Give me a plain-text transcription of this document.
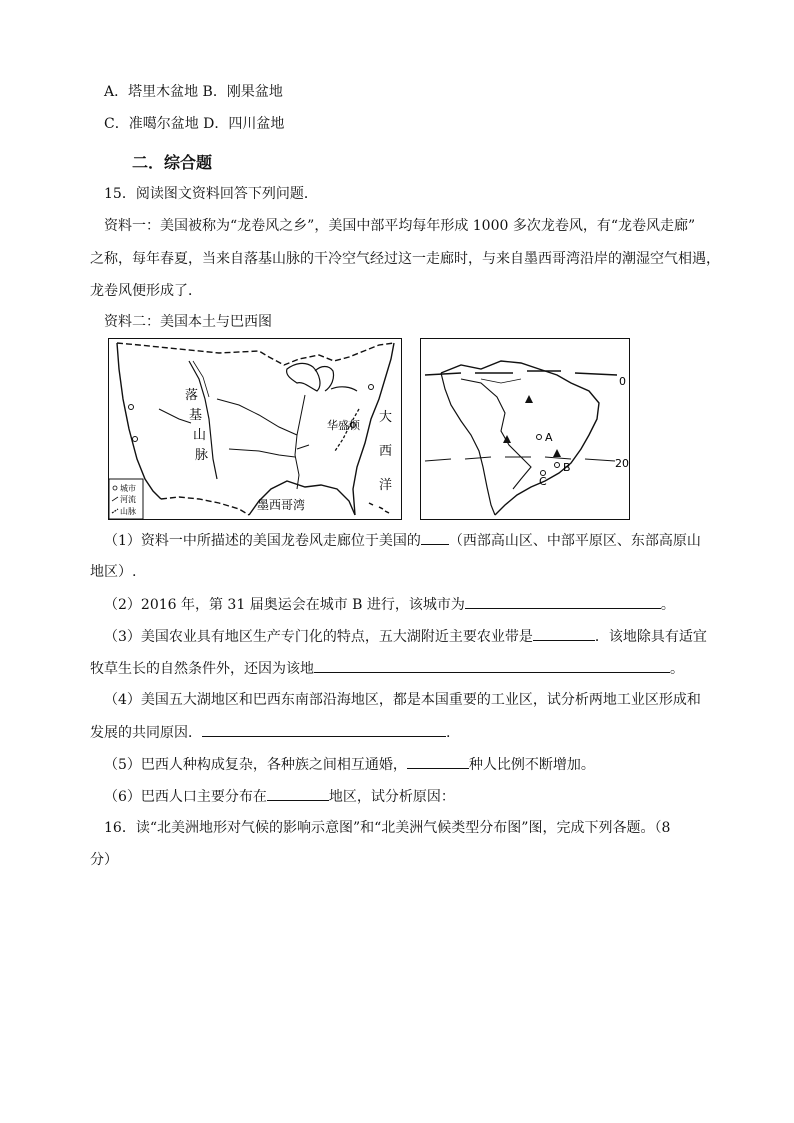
A．塔里木盆地 B．刚果盆地
C．准噶尔盆地 D．四川盆地
二．综合题
15．阅读图文资料回答下列问题．
资料一：美国被称为“龙卷风之乡”，美国中部平均每年形成 1000 多次龙卷风，有“龙卷风走廊”
之称，每年春夏，当来自落基山脉的干冷空气经过这一走廊时，与来自墨西哥湾沿岸的潮湿空气相遇，
龙卷风便形成了．
资料二：美国本土与巴西图
落
基
山
脉
华盛顿
大
西
洋
墨西哥湾
城市
河流
山脉
0
20
A
B
C
（1）资料一中所描述的美国龙卷风走廊位于美国的 （西部高山区、中部平原区、东部高原山
地区）.
（2）2016 年，第 31 届奥运会在城市 B 进行，该城市为	。
（3）美国农业具有地区生产专门化的特点，五大湖附近主要农业带是	．该地除具有适宜
牧草生长的自然条件外，还因为该地	。
（4）美国五大湖地区和巴西东南部沿海地区，都是本国重要的工业区，试分析两地工业区形成和
发展的共同原因．	.
（5）巴西人种构成复杂，各种族之间相互通婚，	种人比例不断增加。
（6）巴西人口主要分布在	地区，试分析原因：
16．读“北美洲地形对气候的影响示意图”和“北美洲气候类型分布图”图，完成下列各题。（8
分）
